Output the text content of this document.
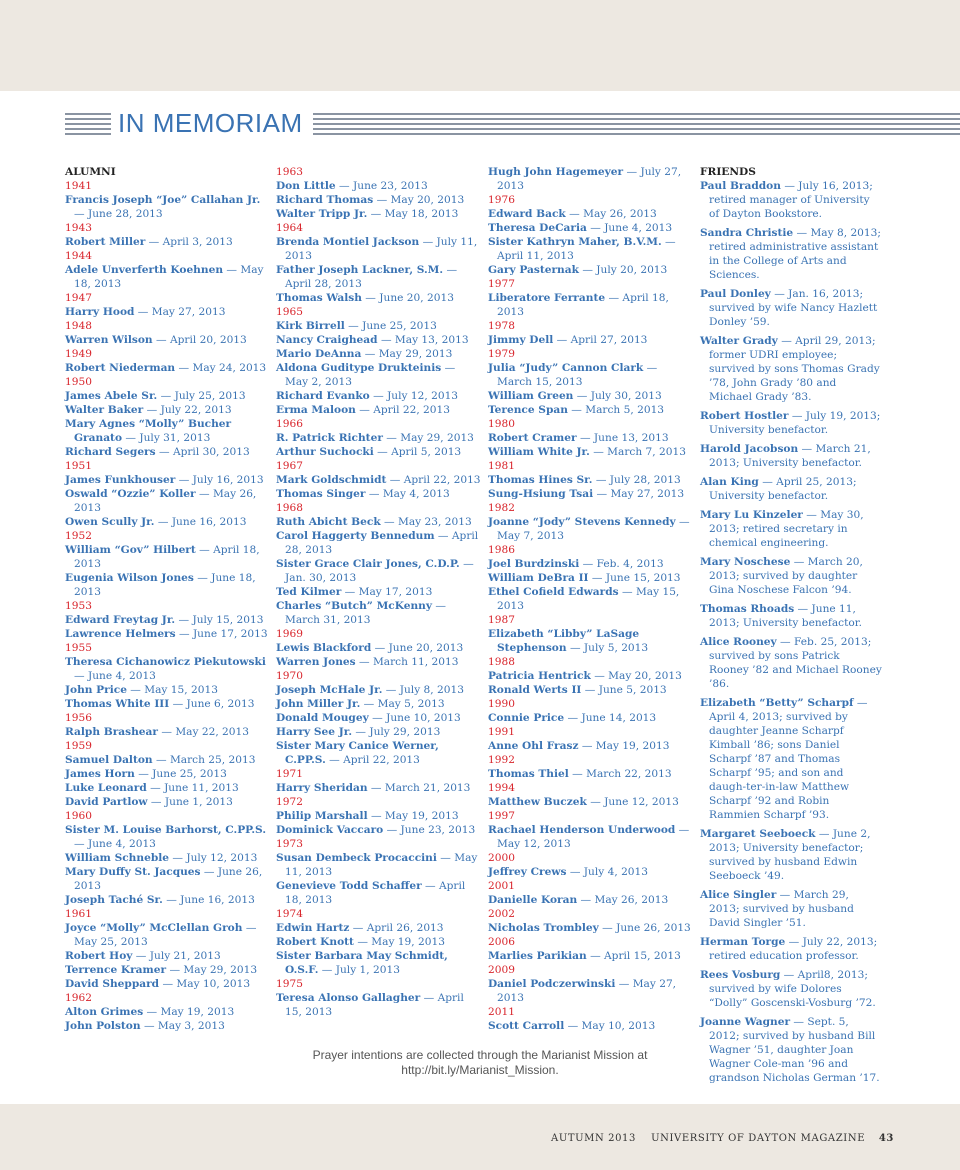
IN MEMORIAM
ALUMNI
1941
Francis Joseph “Joe” Callahan Jr. — June 28, 2013
1943
Robert Miller — April 3, 2013
1944
Adele Unverferth Koehnen — May 18, 2013
1947
Harry Hood — May 27, 2013
1948
Warren Wilson — April 20, 2013
1949
Robert Niederman — May 24, 2013
1950
James Abele Sr. — July 25, 2013
Walter Baker — July 22, 2013
Mary Agnes “Molly” Bucher Granato — July 31, 2013
Richard Segers — April 30, 2013
1951
James Funkhouser — July 16, 2013
Oswald “Ozzie” Koller — May 26, 2013
Owen Scully Jr. — June 16, 2013
1952
William “Gov” Hilbert — April 18, 2013
Eugenia Wilson Jones — June 18, 2013
1953
Edward Freytag Jr. — July 15, 2013
Lawrence Helmers — June 17, 2013
1955
Theresa Cichanowicz Piekutowski — June 4, 2013
John Price — May 15, 2013
Thomas White III — June 6, 2013
1956
Ralph Brashear — May 22, 2013
1959
Samuel Dalton — March 25, 2013
James Horn — June 25, 2013
Luke Leonard — June 11, 2013
David Partlow — June 1, 2013
1960
Sister M. Louise Barhorst, C.PP.S. — June 4, 2013
William Schneble — July 12, 2013
Mary Duffy St. Jacques — June 26, 2013
Joseph Taché Sr. — June 16, 2013
1961
Joyce “Molly” McClellan Groh — May 25, 2013
Robert Hoy — July 21, 2013
Terrence Kramer — May 29, 2013
David Sheppard — May 10, 2013
1962
Alton Grimes — May 19, 2013
John Polston — May 3, 2013
1963
Don Little — June 23, 2013
Richard Thomas — May 20, 2013
Walter Tripp Jr. — May 18, 2013
1964
Brenda Montiel Jackson — July 11, 2013
Father Joseph Lackner, S.M. — April 28, 2013
Thomas Walsh — June 20, 2013
1965
Kirk Birrell — June 25, 2013
Nancy Craighead — May 13, 2013
Mario DeAnna — May 29, 2013
Aldona Guditype Drukteinis — May 2, 2013
Richard Evanko — July 12, 2013
Erma Maloon — April 22, 2013
1966
R. Patrick Richter — May 29, 2013
Arthur Suchocki — April 5, 2013
1967
Mark Goldschmidt — April 22, 2013
Thomas Singer — May 4, 2013
1968
Ruth Abicht Beck — May 23, 2013
Carol Haggerty Bennedum — April 28, 2013
Sister Grace Clair Jones, C.D.P. — Jan. 30, 2013
Ted Kilmer — May 17, 2013
Charles “Butch” McKenny — March 31, 2013
1969
Lewis Blackford — June 20, 2013
Warren Jones — March 11, 2013
1970
Joseph McHale Jr. — July 8, 2013
John Miller Jr. — May 5, 2013
Donald Mougey — June 10, 2013
Harry See Jr. — July 29, 2013
Sister Mary Canice Werner, C.PP.S. — April 22, 2013
1971
Harry Sheridan — March 21, 2013
1972
Philip Marshall — May 19, 2013
Dominick Vaccaro — June 23, 2013
1973
Susan Dembeck Procaccini — May 11, 2013
Genevieve Todd Schaffer — April 18, 2013
1974
Edwin Hartz — April 26, 2013
Robert Knott — May 19, 2013
Sister Barbara May Schmidt, O.S.F. — July 1, 2013
1975
Teresa Alonso Gallagher — April 15, 2013
Hugh John Hagemeyer — July 27, 2013
1976
Edward Back — May 26, 2013
Theresa DeCaria — June 4, 2013
Sister Kathryn Maher, B.V.M. — April 11, 2013
Gary Pasternak — July 20, 2013
1977
Liberatore Ferrante — April 18, 2013
1978
Jimmy Dell — April 27, 2013
1979
Julia “Judy” Cannon Clark — March 15, 2013
William Green — July 30, 2013
Terence Span — March 5, 2013
1980
Robert Cramer — June 13, 2013
William White Jr. — March 7, 2013
1981
Thomas Hines Sr. — July 28, 2013
Sung-Hsiung Tsai — May 27, 2013
1982
Joanne “Jody” Stevens Kennedy — May 7, 2013
1986
Joel Burdzinski — Feb. 4, 2013
William DeBra II — June 15, 2013
Ethel Cofield Edwards — May 15, 2013
1987
Elizabeth “Libby” LaSage Stephenson — July 5, 2013
1988
Patricia Hentrick — May 20, 2013
Ronald Werts II — June 5, 2013
1990
Connie Price — June 14, 2013
1991
Anne Ohl Frasz — May 19, 2013
1992
Thomas Thiel — March 22, 2013
1994
Matthew Buczek — June 12, 2013
1997
Rachael Henderson Underwood — May 12, 2013
2000
Jeffrey Crews — July 4, 2013
2001
Danielle Koran — May 26, 2013
2002
Nicholas Trombley — June 26, 2013
2006
Marlies Parikian — April 15, 2013
2009
Daniel Podczerwinski — May 27, 2013
2011
Scott Carroll — May 10, 2013
FRIENDS
Paul Braddon — July 16, 2013; retired manager of University of Dayton Bookstore.
Sandra Christie — May 8, 2013; retired administrative assistant in the College of Arts and Sciences.
Paul Donley — Jan. 16, 2013; survived by wife Nancy Hazlett Donley ’59.
Walter Grady — April 29, 2013; former UDRI employee; survived by sons Thomas Grady ’78, John Grady ’80 and Michael Grady ’83.
Robert Hostler — July 19, 2013; University benefactor.
Harold Jacobson — March 21, 2013; University benefactor.
Alan King — April 25, 2013; University benefactor.
Mary Lu Kinzeler — May 30, 2013; retired secretary in chemical engineering.
Mary Noschese — March 20, 2013; survived by daughter Gina Noschese Falcon ’94.
Thomas Rhoads — June 11, 2013; University benefactor.
Alice Rooney — Feb. 25, 2013; survived by sons Patrick Rooney ’82 and Michael Rooney ’86.
Elizabeth “Betty” Scharpf — April 4, 2013; survived by daughter Jeanne Scharpf Kimball ’86; sons Daniel Scharpf ’87 and Thomas Scharpf ’95; and son and daugh-ter-in-law Matthew Scharpf ’92 and Robin Rammien Scharpf ’93.
Margaret Seeboeck — June 2, 2013; University benefactor; survived by husband Edwin Seeboeck ’49.
Alice Singler — March 29, 2013; survived by husband David Singler ’51.
Herman Torge — July 22, 2013; retired education professor.
Rees Vosburg — April8, 2013; survived by wife Dolores “Dolly” Goscenski-Vosburg ’72.
Joanne Wagner — Sept. 5, 2012; survived by husband Bill Wagner ’51, daughter Joan Wagner Cole-man ’96 and grandson Nicholas German ’17.
Prayer intentions are collected through the Marianist Mission at
http://bit.ly/Marianist_Mission.
AUTUMN 2013 UNIVERSITY OF DAYTON MAGAZINE 43
